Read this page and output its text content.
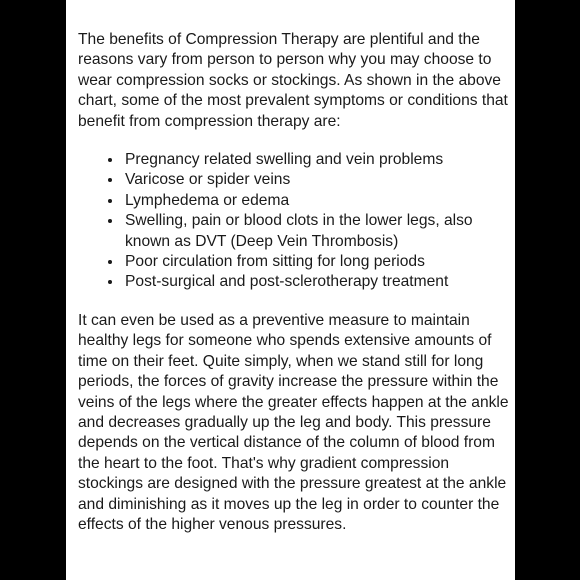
The benefits of Compression Therapy are plentiful and the reasons vary from person to person why you may choose to wear compression socks or stockings. As shown in the above chart, some of the most prevalent symptoms or conditions that benefit from compression therapy are:

• Pregnancy related swelling and vein problems
• Varicose or spider veins
• Lymphedema or edema
• Swelling, pain or blood clots in the lower legs, also known as DVT (Deep Vein Thrombosis)
• Poor circulation from sitting for long periods
• Post-surgical and post-sclerotherapy treatment

It can even be used as a preventive measure to maintain healthy legs for someone who spends extensive amounts of time on their feet. Quite simply, when we stand still for long periods, the forces of gravity increase the pressure within the veins of the legs where the greater effects happen at the ankle and decreases gradually up the leg and body. This pressure depends on the vertical distance of the column of blood from the heart to the foot. That's why gradient compression stockings are designed with the pressure greatest at the ankle and diminishing as it moves up the leg in order to counter the effects of the higher venous pressures.
